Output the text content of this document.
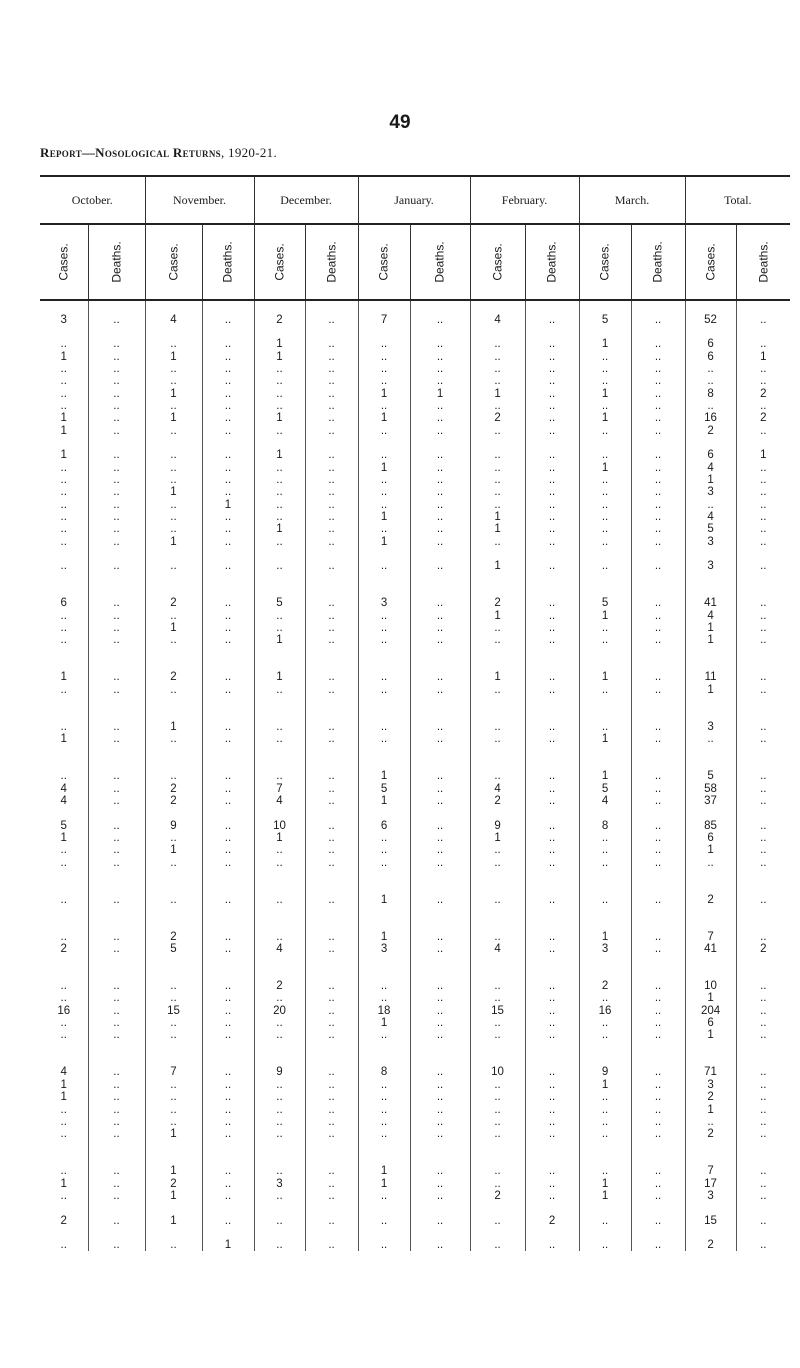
49
Report—Nosological Returns, 1920-21.
October.		November.		December.		January.		February.		March.		Total.	
Cases.	Deaths.	Cases.	Deaths.	Cases.	Deaths.	Cases.	Deaths.	Cases.	Deaths.	Cases.	Deaths.	Cases.	Deaths.

3	..	4	..	2	..	7	..	4	..	5	..	52	..

..	..	..	..	1	..	..	..	..	..	1	..	6	..
1	..	1	..	1	..	..	..	..	..	..	..	6	1
..	..	..	..	..	..	..	..	..	..	..	..	..	..
..	..	..	..	..	..	..	..	..	..	..	..	..	..
..	..	1	..	..	..	1	1	1	..	1	..	8	2
..	..	..	..	..	..	..	..	..	..	..	..	..	..
1	..	1	..	1	..	1	..	2	..	1	..	16	2
1	..	..	..	..	..	..	..	..	..	..	..	2	..

1	..	..	..	1	..	..	..	..	..	..	..	6	1
..	..	..	..	..	..	1	..	..	..	1	..	4	..
..	..	..	..	..	..	..	..	..	..	..	..	1	..
..	..	1	..	..	..	..	..	..	..	..	..	3	..
..	..	..	1	..	..	..	..	..	..	..	..	..	..
..	..	..	..	..	..	1	..	1	..	..	..	4	..
..	..	..	..	1	..	..	..	1	..	..	..	5	..
..	..	1	..	..	..	1	..	..	..	..	..	3	..

..	..	..	..	..	..	..	..	1	..	..	..	3	..

6	..	2	..	5	..	3	..	2	..	5	..	41	..
..	..	..	..	..	..	..	..	1	..	1	..	4	..
..	..	1	..	..	..	..	..	..	..	..	..	1	..
..	..	..	..	1	..	..	..	..	..	..	..	1	..

1	..	2	..	1	..	..	..	1	..	1	..	11	..
..	..	..	..	..	..	..	..	..	..	..	..	1	..

..	..	1	..	..	..	..	..	..	..	..	..	3	..
1	..	..	..	..	..	..	..	..	..	1	..	..	..

..	..	..	..	..	..	1	..	..	..	1	..	5	..
4	..	2	..	7	..	5	..	4	..	5	..	58	..
4	..	2	..	4	..	1	..	2	..	4	..	37	..

5	..	9	..	10	..	6	..	9	..	8	..	85	..
1	..	..	..	1	..	..	..	1	..	..	..	6	..
..	..	1	..	..	..	..	..	..	..	..	..	1	..
..	..	..	..	..	..	..	..	..	..	..	..	..	..

..	..	..	..	..	..	1	..	..	..	..	..	2	..

..	..	2	..	..	..	1	..	..	..	1	..	7	..
2	..	5	..	4	..	3	..	4	..	3	..	41	2

..	..	..	..	2	..	..	..	..	..	2	..	10	..
..	..	..	..	..	..	..	..	..	..	..	..	1	..
16	..	15	..	20	..	18	..	15	..	16	..	204	..
..	..	..	..	..	..	1	..	..	..	..	..	6	..
..	..	..	..	..	..	..	..	..	..	..	..	1	..

4	..	7	..	9	..	8	..	10	..	9	..	71	..
1	..	..	..	..	..	..	..	..	..	1	..	3	..
1	..	..	..	..	..	..	..	..	..	..	..	2	..
..	..	..	..	..	..	..	..	..	..	..	..	1	..
..	..	..	..	..	..	..	..	..	..	..	..	..	..
..	..	1	..	..	..	..	..	..	..	..	..	2	..

..	..	1	..	..	..	1	..	..	..	..	..	7	..
1	..	2	..	3	..	1	..	..	..	1	..	17	..
..	..	1	..	..	..	..	..	2	..	1	..	3	..

2	..	1	..	..	..	..	..	..	2	..	..	15	..

..	..	..	1	..	..	..	..	..	..	..	..	2	..
